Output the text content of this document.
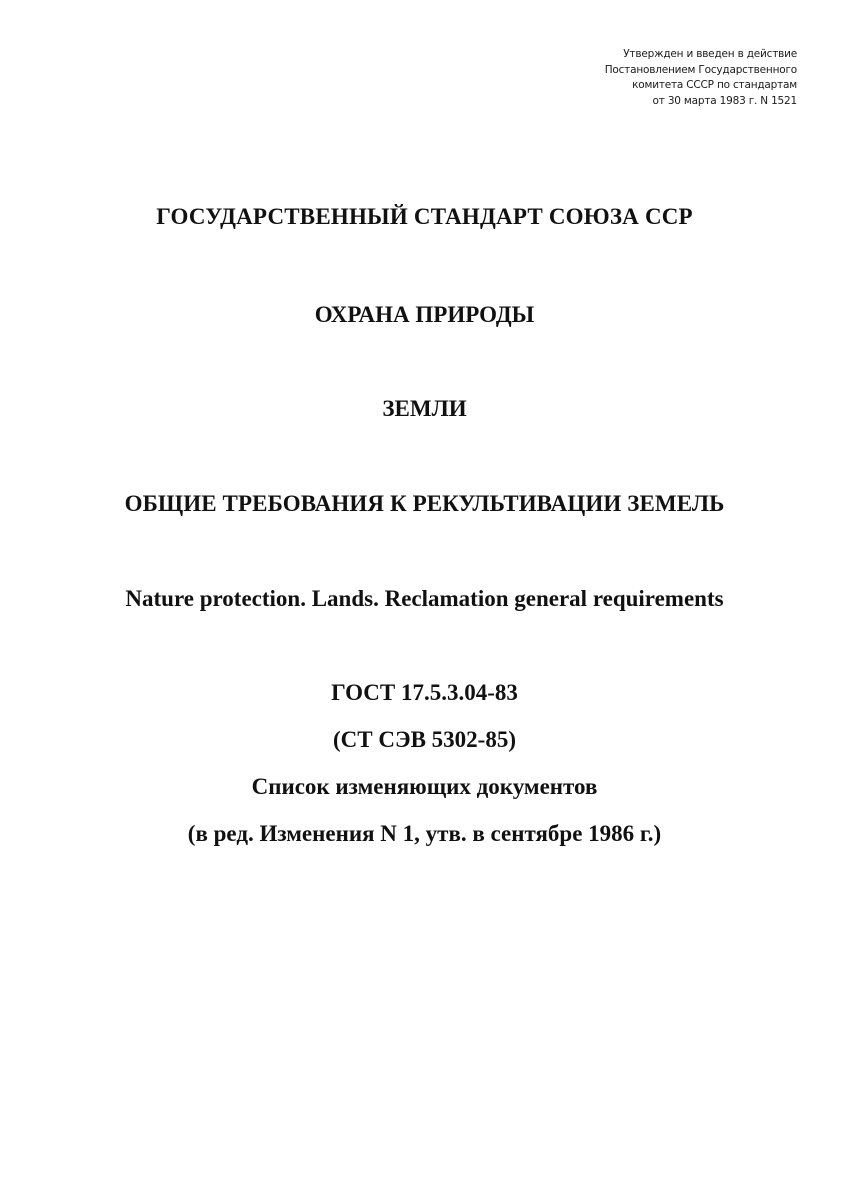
Утвержден и введен в действие
Постановлением Государственного
комитета СССР по стандартам
от 30 марта 1983 г. N 1521
ГОСУДАРСТВЕННЫЙ СТАНДАРТ СОЮЗА ССР
ОХРАНА ПРИРОДЫ
ЗЕМЛИ
ОБЩИЕ ТРЕБОВАНИЯ К РЕКУЛЬТИВАЦИИ ЗЕМЕЛЬ
Nature protection. Lands. Reclamation general requirements
ГОСТ 17.5.3.04-83
(СТ СЭВ 5302-85)
Список изменяющих документов
(в ред. Изменения N 1, утв. в сентябре 1986 г.)
